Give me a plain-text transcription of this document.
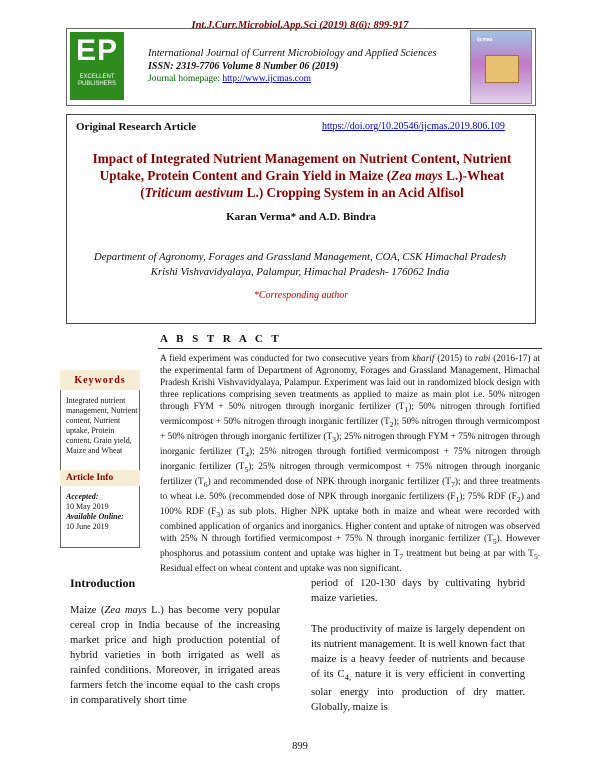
Int.J.Curr.Microbiol.App.Sci (2019) 8(6): 899-917
EP
EXCELLENT PUBLISHERS
International Journal of Current Microbiology and Applied Sciences
ISSN: 2319-7706 Volume 8 Number 06 (2019)
Journal homepage: http://www.ijcmas.com
ijcmas
Original Research Article	https://doi.org/10.20546/ijcmas.2019.806.109
Impact of Integrated Nutrient Management on Nutrient Content, Nutrient Uptake, Protein Content and Grain Yield in Maize (Zea mays L.)-Wheat (Triticum aestivum L.) Cropping System in an Acid Alfisol
Karan Verma* and A.D. Bindra
Department of Agronomy, Forages and Grassland Management, COA, CSK Himachal Pradesh Krishi Vishvavidyalaya, Palampur, Himachal Pradesh- 176062 India
*Corresponding author
A B S T R A C T
A field experiment was conducted for two consecutive years from kharif (2015) to rabi (2016-17) at the experimental farm of Department of Agronomy, Forages and Grassland Management, Himachal Pradesh Krishi Vishvavidyalaya, Palampur. Experiment was laid out in randomized block design with three replications comprising seven treatments as applied to maize as main plot i.e. 50% nitrogen through FYM + 50% nitrogen through inorganic fertilizer $(T_1)$; 50% nitrogen through fortified vermicompost + 50% nitrogen through inorganic fertilizer $(T_2)$; 50% nitrogen through vermicompost + 50% nitrogen through inorganic fertilizer $(T_3)$; 25% nitrogen through FYM + 75% nitrogen through inorganic fertilizer $(T_4)$; 25% nitrogen through fortified vermicompost + 75% nitrogen through inorganic fertilizer $(T_5)$; 25% nitrogen through vermicompost + 75% nitrogen through inorganic fertilizer $(T_6)$ and recommended dose of NPK through inorganic fertilizer $(T_7)$; and three treatments to wheat i.e. 50% (recommended dose of NPK through inorganic fertilizers $(F_1)$; 75% RDF $(F_2)$ and 100% RDF $(F_3)$ as sub plots. Higher NPK uptake both in maize and wheat were recorded with combined application of organics and inorganics. Higher content and uptake of nitrogen was observed with 25% N through fortified vermicompost + 75% N through inorganic fertilizer $(T_5)$. However phosphorus and potassium content and uptake was higher in $T_7$ treatment but being at par with $T_5$. Residual effect on wheat content and uptake was non significant.
Keywords
Integrated nutrient management, Nutrient content, Nutrient uptake, Protein content, Grain yield, Maize and Wheat
Article Info
Accepted:
10 May 2019
Available Online:
10 June 2019
Introduction
Maize (Zea mays L.) has become very popular cereal crop in India because of the increasing market price and high production potential of hybrid varieties in both irrigated as well as rainfed conditions. Moreover, in irrigated areas farmers fetch the income equal to the cash crops in comparatively short time

period of 120-130 days by cultivating hybrid maize varieties.

The productivity of maize is largely dependent on its nutrient management. It is well known fact that maize is a heavy feeder of nutrients and because of its $C_{4,}$ nature it is very efficient in converting solar energy into production of dry matter. Globally, maize is

899
